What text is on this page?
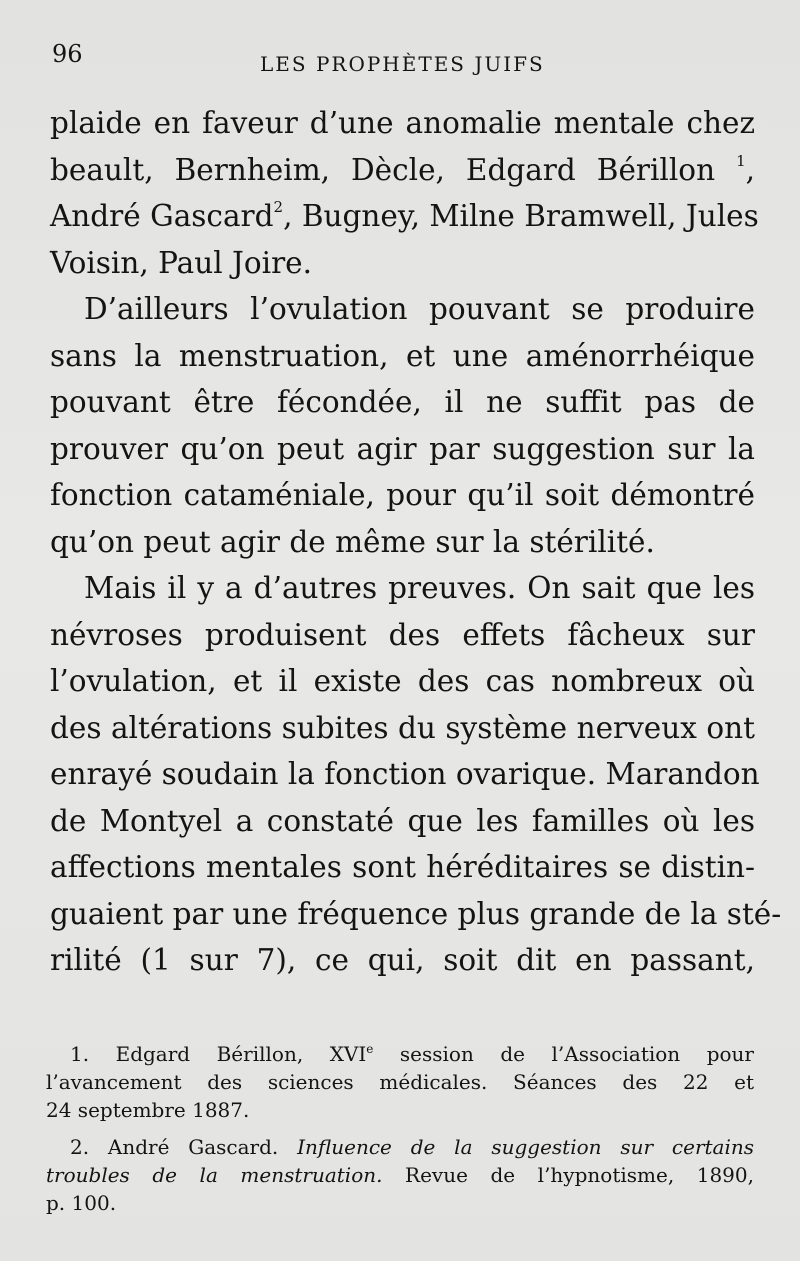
96	LES PROPHÈTES JUIFS

plaide en faveur d’une anomalie mentale chez
beault, Bernheim, Dècle, Edgard Bérillon $^1$,
André Gascard$^2$, Bugney, Milne Bramwell, Jules
Voisin, Paul Joire.

D’ailleurs l’ovulation pouvant se produire
sans la menstruation, et une aménorrhéique
pouvant être fécondée, il ne suffit pas de
prouver qu’on peut agir par suggestion sur la
fonction cataméniale, pour qu’il soit démontré
qu’on peut agir de même sur la stérilité.

Mais il y a d’autres preuves. On sait que les
névroses produisent des effets fâcheux sur
l’ovulation, et il existe des cas nombreux où
des altérations subites du système nerveux ont
enrayé soudain la fonction ovarique. Marandon
de Montyel a constaté que les familles où les
affections mentales sont héréditaires se distin-
guaient par une fréquence plus grande de la sté-
rilité (1 sur 7), ce qui, soit dit en passant,

1. Edgard Bérillon, XVIe session de l’Association pour
l’avancement des sciences médicales. Séances des 22 et
24 septembre 1887.
2. André Gascard. Influence de la suggestion sur certains
troubles de la menstruation. Revue de l’hypnotisme, 1890,
p. 100.
